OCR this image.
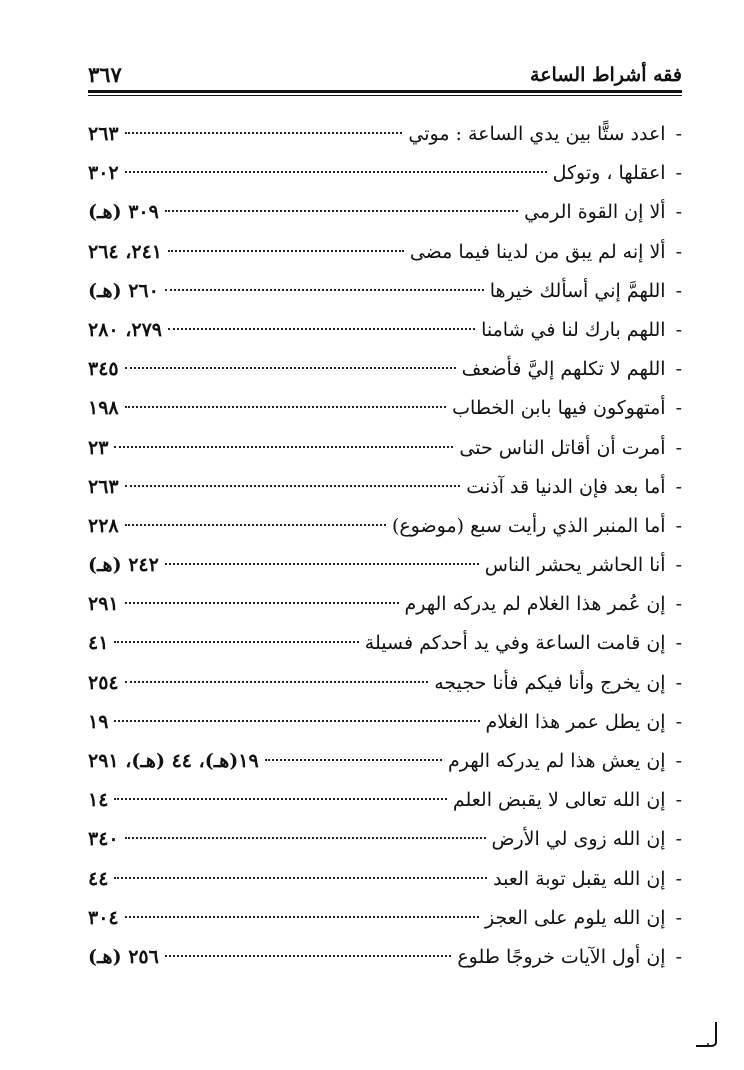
فقه أشراط الساعة
٣٦٧
-
اعدد ستًّا بين يدي الساعة : موتي
٢٦٣
-
اعقلها ، وتوكل
٣٠٢
-
ألا إن القوة الرمي
٣٠٩ (هـ)
-
ألا إنه لم يبق من لدينا فيما مضى
٢٤١، ٢٦٤
-
اللهمَّ إني أسألك خيرها
٢٦٠ (هـ)
-
اللهم بارك لنا في شامنا
٢٧٩، ٢٨٠
-
اللهم لا تكلهم إليَّ فأضعف
٣٤٥
-
أمتهوكون فيها بابن الخطاب
١٩٨
-
أمرت أن أقاتل الناس حتى
٢٣
-
أما بعد فإن الدنيا قد آذنت
٢٦٣
-
أما المنبر الذي رأيت سبع (موضوع)
٢٢٨
-
أنا الحاشر يحشر الناس
٢٤٢ (هـ)
-
إن عُمر هذا الغلام لم يدركه الهرم
٢٩١
-
إن قامت الساعة وفي يد أحدكم فسيلة
٤١
-
إن يخرج وأنا فيكم فأنا حجيجه
٢٥٤
-
إن يطل عمر هذا الغلام
١٩
-
إن يعش هذا لم يدركه الهرم
١٩(هـ)، ٤٤ (هـ)، ٢٩١
-
إن الله تعالى لا يقبض العلم
١٤
-
إن الله زوى لي الأرض
٣٤٠
-
إن الله يقبل توبة العبد
٤٤
-
إن الله يلوم على العجز
٣٠٤
-
إن أول الآيات خروجًا طلوع
٢٥٦ (هـ)
